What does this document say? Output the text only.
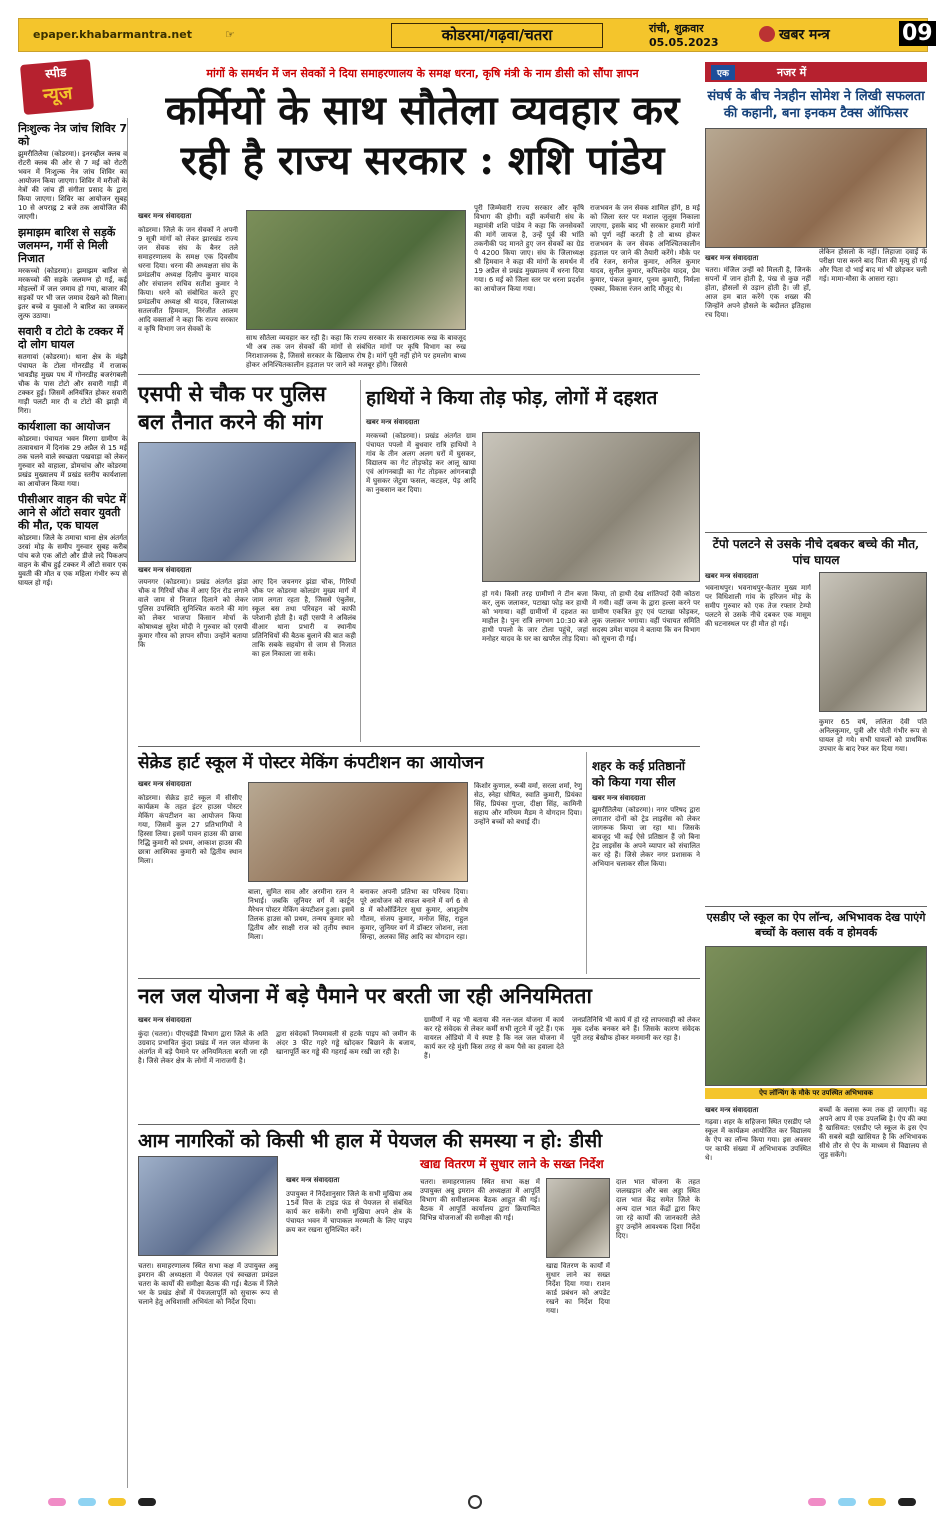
epaper.khabarmantra.net	☞	कोडरमा/गढ़वा/चतरा	रांची, शुक्रवार
05.05.2023	खबर मन्त्र	09
स्पीड
न्यूज
निःशुल्क नेत्र जांच शिविर 7 को

झुमरीतिलैया (कोडरमा)। इनरव्हील क्लब व रोटरी क्लब की ओर से 7 मई को रोटरी भवन में निःशुल्क नेत्र जांच शिविर का आयोजन किया जाएगा। शिविर में मरीजों के नेत्रों की जांच हीं संगीता प्रसाद के द्वारा किया जाएगा। शिविर का आयोजन सुबह 10 से अपराह्न 2 बजे तक आयोजित की जाएगी।

झमाझम बारिश से सड़कें जलमग्न, गर्मी से मिली निजात

मरकच्चो (कोडरमा)। झमाझम बारिश से मरकच्चो की सड़के जलमग्न हो गईं, कई मोहल्लों में जल जमाव हो गया, बाजार की सड़कों पर भी जल जमाव देखने को मिला। इतर बच्चे व युवाओं ने बारिश का जमकर लुत्फ उठाया।

सवारी व टोटो के टक्कर में दो लोग घायल

सतगावां (कोडरमा)। थाना क्षेत्र के मंझौ पंचायत के टोला गोनरडीह में राजाक भावडीह मुख्य पथ में गोनरडीह बजरंगबली चौक के पास टोटो और सवारी गाड़ी में टक्कर हुई। जिसमें अनियंत्रित होकर सवारी गाड़ी पलटी मार दी व टोटो की झाड़ी में गिरा।

कार्यशाला का आयोजन

कोडरमा। पंचायत भवन मिरगा ग्रामीण के तत्वावधान में दिनांक 29 अप्रैल से 15 मई तक चलने वाले स्वच्छता पखवाड़ा को लेकर गुरुवार को वाहाला, डोमचांच और कोडरमा प्रखंड मुख्यालय में प्रखंड स्तरीय कार्यशाला का आयोजन किया गया।

पीसीआर वाहन की चपेट में आने से ऑटो सवार युवती की मौत, एक घायल

कोडरमा। जिले के तमाचा थाना क्षेत्र अंतर्गत उरवां मोड़ के समीप गुरुवार सुबह करीब पांच बजे एक ऑटो और डीजे लदे पिकअप वाहन के बीच हुई टक्कर में ऑटो सवार एक युवती की मौत व एक महिला गंभीर रूप से घायल हो गई।

मांगों के समर्थन में जन सेवकों ने दिया समाहरणालय के समक्ष धरना, कृषि मंत्री के नाम डीसी को सौंपा ज्ञापन
कर्मियों के साथ सौतेला व्यवहार कर रही है राज्य सरकार : शशि पांडेय
खबर मन्त्र संवाददाता
कोडरमा। जिले के जन सेवकों ने अपनी 9 सूत्री मांगों को लेकर झारखंड राज्य जन सेवक संघ के बैनर तले समाहरणालय के समक्ष एक दिवसीय धरना दिया। धरना की अध्यक्षता संघ के प्रमंडलीय अध्यक्ष दिलीप कुमार यादव और संचालन सचिव सतीश कुमार ने किया। धरने को संबोधित करते हुए प्रमंडलीय अध्यक्ष श्री यादव, जिलाध्यक्ष सतलजीत हिमवान, निरंजीत आलम आदि वक्ताओं ने कहा कि राज्य सरकार व कृषि विभाग जन सेवकों के
साथ सौतेला व्यवहार कर रही है। कहा कि राज्य सरकार के सकारात्मक रुख के बावजूद भी अब तक जन सेवकों की मांगों से संबंधित मांगों पर कृषि विभाग का रुख निराशाजनक है, जिससे सरकार के खिलाफ रोष है। मांगें पूरी नहीं होने पर हमलोग बाध्य होकर अनिश्चितकालीन हड़ताल पर जाने को मजबूर होंगे। जिससे
पूरी जिम्मेवारी राज्य सरकार और कृषि विभाग की होगी। वहीं कर्मचारी संघ के महामंत्री शशि पांडेय ने कहा कि जनसेवकों की मांगें जायज है, उन्हें पूर्व की भांति तकनीकी पद मानते हुए जन सेवकों का ग्रेड पे 4200 किया जाए। संघ के जिलाध्यक्ष श्री हिमवान ने कहा की मांगों के समर्थन में 19 अप्रैल से प्रखंड मुख्यालय में धरना दिया गया। 6 मई को जिला स्तर पर धरना प्रदर्शन का आयोजन किया गया।
राजभवन के जन सेवक शामिल होंगे, 8 मई को जिला स्तर पर मशाल जुलूस निकाला जाएगा, इसके बाद भी सरकार हमारी मांगों को पूर्ण नहीं करती है तो बाध्य होकर राजभवन के जन सेवक अनिश्चितकालीन हड़ताल पर जाने की तैयारी करेंगे। मौके पर रवि रंजन, सनोज कुमार, अनिल कुमार यादव, सुनील कुमार, कपिलदेव यादव, प्रेम कुमार, पंकज कुमार, पूनम कुमारी, निर्मला एक्का, विकास रंजन आदि मौजूद थे।
एसपी से चौक पर पुलिस बल तैनात करने की मांग
खबर मन्त्र संवाददाता
जयनगर (कोडरमा)। प्रखंड अंतर्गत झंडा चौक व गिरियों चौक में आए दिन रोड लगाने वाले जाम से निजात दिलाने को लेकर पुलिस उपस्थिति सुनिश्चित कराने की मांग को लेकर भाजपा किसान मोर्चा के कोषाध्यक्ष सुरेश मोदी ने गुरुवार को एसपी कुमार गौरव को ज्ञापन सौंपा। उन्होंने बताया कि
आए दिन जयनगर झंडा चौक, गिरियों चौक पर कोडरमा कोलडंग मुख्य मार्ग में जाम लगता रहता है, जिससे एंबुलेंस, स्कूल बस तथा परिवहन को काफी परेशानी होती है। वहीं एसपी ने अविलंब वीआर थाना प्रभारी व स्थानीय प्रतिनिधियों की बैठक बुलाने की बात कही ताकि सबके सहयोग से जाम से निजात का हल निकाला जा सके।
हाथियों ने किया तोड़ फोड़, लोगों में दहशत
खबर मन्त्र संवाददाता
मरकच्चो (कोडरमा)। प्रखंड अंतर्गत ग्राम पंचायत पपलो में बुधवार रात्रि हाथियों ने गांव के तीन अलग अलग घरों में घुसकर, विद्यालय का गेट तोड़फोड़ कर आलू खाया एवं आंगनबाड़ी का गेट तोड़कर आंगनबाड़ी में घुसकर जेटुवा फसल, कटहल, पेड़ आदि का नुकसान कर दिया।
हो गये। किसी तरह ग्रामीणों ने टीन बजा कर, लुक जलाकर, पटाखा फोड़ कर हाथी को भगाया। वहीं ग्रामीणों में दहशत का माहौल है। पुनः रात्रि लगभग 10:30 बजे हाथी पपलो के जार टोला पहुंचे, जहां मनोहर यादव के घर का खपरैल तोड़ दिया।
किया, तो हाथी देख शांतिपदों देवी कोठरा में गयी। वहीं जन्म के द्वारा हल्ला करने पर ग्रामीण एकत्रित हुए एवं पटाखा फोड़कर, लुक जलाकर भगाया। वहीं पंचायत समिति सदस्य उमेश यादव ने बताया कि वन विभाग को सूचना दी गई।
सेक्रेड हार्ट स्कूल में पोस्टर मेकिंग कंपटीशन का आयोजन
खबर मन्त्र संवाददाता
कोडरमा। सेक्रेड हार्ट स्कूल में सीसीए कार्यक्रम के तहत इंटर हाउस पोस्टर मेकिंग कंपटीशन का आयोजन किया गया, जिसमें कुल 27 प्रतिभागियों ने हिस्सा लिया। इसमें पावन हाउस की छात्रा रिद्धि कुमारी को प्रथम, आकाश हाउस की छात्रा आस्मिका कुमारी को द्वितीय स्थान मिला।
बाला, सुमित साव और अरमीना रतन ने निभाई। जबकि जूनियर वर्ग में कार्टून मैरेथन पोस्टर मेकिंग कंपटीशन हुआ। इसमें तिलक हाउस को प्रथम, तन्मय कुमार को द्वितीय और साक्षी राज को तृतीय स्थान मिला।
बनाकर अपनी प्रतिभा का परिचय दिया। पूरे आयोजन को सफल बनाने में वर्ग 6 से 8 में कोऑर्डिनेटर सुधा कुमार, आशुतोष गौतम, संजय कुमार, मनोज सिंह, राहुल कुमार, जुनियर वर्ग में डॉक्टर जोशना, लता सिन्हा, अलका सिंह आदि का योगदान रहा।
किशोर कुणाल, रूबी वर्मा, सरला शर्मा, रेणु सेठ, स्नेहा घोषित, स्वाति कुमारी, प्रियंका सिंह, प्रियंका गुप्ता, दीक्षा सिंह, कामिनी सहाय और मरियम मैडम ने योगदान दिया। उन्होंने बच्चों को बधाई दी।
शहर के कई प्रतिष्ठानों को किया गया सील
खबर मन्त्र संवाददाता
झुमरीतिलैया (कोडरमा)। नगर परिषद द्वारा लगातार दोनों को ट्रेड लाइसेंस को लेकर जागरूक किया जा रहा था। जिसके बावजूद भी कई ऐसे प्रतिष्ठान हैं जो बिना ट्रेड लाइसेंस के अपने व्यापार को संचालित कर रहे हैं। जिसे लेकर नगर प्रशासक ने अभियान चलाकर सील किया।
नल जल योजना में बड़े पैमाने पर बरती जा रही अनियमितता
खबर मन्त्र संवाददाता
कुंदा (चतरा)। पीएचईडी विभाग द्वारा जिले के अति उग्रवाद प्रभावित कुंदा प्रखंड में नल जल योजना के अंतर्गत में बड़े पैमाने पर अनियमितता बरती जा रही है। जिसे लेकर क्षेत्र के लोगों में नाराजगी है।
द्वारा संवेदकों नियमावली से हटके पाइप को जमीन के अंदर 3 फीट गहरे गड्ढे खोदकर बिछाने के बजाय, खानापूर्ति कर गड्ढे की गहराई कम रखी जा रही है।
ग्रामीणों ने यह भी बताया की नल-जल योजना में कार्य कर रहे संवेदक से लेकर कर्मी सभी लूटने में जुटे हैं। एक वायरल ऑडियो में ये स्पष्ट है कि नल जल योजना में कार्य कर रहे मुंशी किस तरह से कम पैसे का हवाला देते हैं।
जनप्रतिनिधि भी कार्य में हो रहे लापरवाही को लेकर मूक दर्शक बनकर बने हैं। जिसके कारण संवेदक पूरी तरह बेखौफ होकर मनमानी कर रहा है।
आम नागरिकों को किसी भी हाल में पेयजल की समस्या न हो: डीसी
खाद्य वितरण में सुधार लाने के सख्त निर्देश
खबर मन्त्र संवाददाता
चतरा। समाहरणालय स्थित सभा कक्ष में उपायुक्त अबु इमरान की अध्यक्षता में पेयजल एवं स्वच्छता प्रमंडल चतरा के कार्यों की समीक्षा बैठक की गई। बैठक में जिले भर के प्रखंड क्षेत्रों में पेयजलापूर्ति को सुचारू रूप से चलाने हेतु अधिशासी अभियंता को निर्देश दिया।
उपायुक्त ने निर्देशानुसार जिले के सभी मुखिया अब 15वें वित्त के टाइड फंड से पेयजल से संबंधित कार्य कर सकेंगे। सभी मुखिया अपने क्षेत्र के पंचायत भवन में चापाकल मरम्मती के लिए पाइप क्रय कर रखना सुनिश्चित करें।
चतरा। समाहरणालय स्थित सभा कक्ष में उपायुक्त अबु इमरान की अध्यक्षता में आपूर्ति विभाग की समीक्षात्मक बैठक आहूत की गई। बैठक में आपूर्ति कार्यालय द्वारा क्रियान्वित विभिन्न योजनाओं की समीक्षा की गई।
खाद्य वितरण के कार्यों में सुधार लाने का सख्त निर्देश दिया गया। राशन कार्ड प्रबंधन को अपडेट रखने का निर्देश दिया गया।
दाल भात योजना के तहत जलखड़ान और बस अड्डा स्थित दाल भात केंद्र समेत जिले के अन्य दाल भात केंद्रों द्वारा किए जा रहे कार्यों की जानकारी लेते हुए उन्होंने आवश्यक दिशा निर्देश दिए।
एक	नजर में
संघर्ष के बीच नेत्रहीन सोमेश ने लिखी सफलता की कहानी, बना इनकम टैक्स ऑफिसर
खबर मन्त्र संवाददाता
चतरा। मंजिल उन्हीं को मिलती है, जिनके सपनों में जान होती है, पंख से कुछ नहीं होता, हौसलों से उड़ान होती है। जी हाँ, आज हम बात करेंगे एक शख्स की जिन्होंने अपने हौसले के बदौलत इतिहास रच दिया।
लेकिन हौसलो के नहीं। लिहाजा दवाईं के परीक्षा पास करने बाद पिता की मृत्यु हो गई और पिता दो भाई बाद मां भी छोड़कर चली गई। मामा-मौसा के आसरा रहा।
टेंपो पलटने से उसके नीचे दबकर बच्चे की मौत, पांच घायल
खबर मन्त्र संवाददाता
भवनाथपुर। भवनाथपुर-केतार मुख्य मार्ग पर विधिशाली गांव के हरिजन मोड़ के समीप गुरुवार को एक तेज रफ्तार टेम्पो पलटने से उसके नीचे दबकर एक मासूम की घटनास्थल पर ही मौत हो गई।
कुमार 65 वर्ष, ललिता देवी पति अनिलकुमार, पुत्री और पोती गंभीर रूप से घायल हो गये। सभी घायलों को प्राथमिक उपचार के बाद रेफर कर दिया गया।
एसडीए प्ले स्कूल का ऐप लॉन्च, अभिभावक देख पाएंगे बच्चों के क्लास वर्क व होमवर्क
ऐप लॉन्चिंग के मौके पर उपस्थित अभिभावक
खबर मन्त्र संवाददाता
गढ़वा। शहर के सहिजना स्थित एसडीए प्ले स्कूल में कार्यक्रम आयोजित कर विद्यालय के ऐप का लॉन्च किया गया। इस अवसर पर काफी संख्या में अभिभावक उपस्थित थे।
बच्चों के क्लास रूम तक हो जाएगी। वह अपने आप में एक उपलब्धि है। ऐप की क्या है खासियत: एसडीए प्ले स्कूल के इस ऐप की सबसे बड़ी खासियत है कि अभिभावक सीधे तौर से ऐप के माध्यम से विद्यालय से जुड़ सकेंगे।
